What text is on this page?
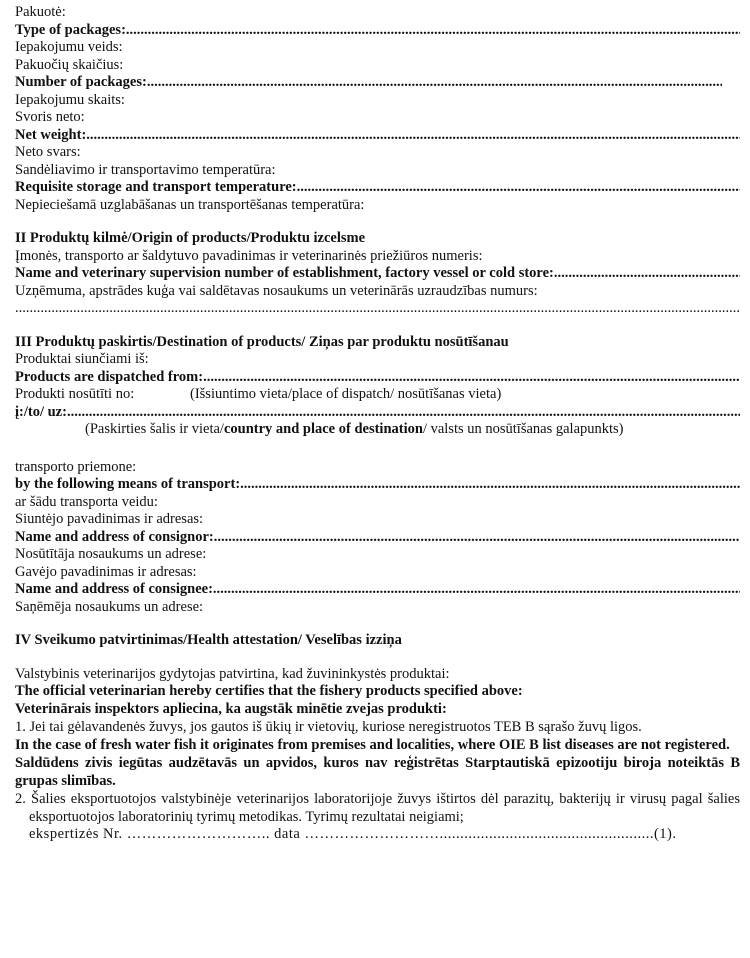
Pakuotė:
Type of packages:
.....
Iepakojumu veids:
Pakuočių skaičius:
Number of packages:
.....
Iepakojumu skaits:
Svoris neto:
Net weight:
.....
Neto svars:
Sandėliavimo ir transportavimo temperatūra:
Requisite storage and transport temperature:
.....
Nepieciešamā uzglabāšanas un transportēšanas temperatūra:
II Produktų kilmė/Origin of products/Produktu izcelsme
Įmonės, transporto ar šaldytuvo pavadinimas ir veterinarinės priežiūros numeris:
Name and veterinary supervision number of establishment, factory vessel or cold store:
.....
Uzņēmuma, apstrādes kuģa vai saldētavas nosaukums un veterinārās uzraudzības numurs:
.....
III Produktų paskirtis/Destination of products/ Ziņas par produktu nosūtīšanau
Produktai siunčiami iš:
Products are dispatched from:
.....
Produkti nosūtīti no:	(Išsiuntimo vieta/place of dispatch/ nosūtīšanas vieta)
į:/to/ uz:
.....
(Paskirties šalis ir vieta/ country and place of destination / valsts un nosūtīšanas galapunkts)
transporto priemone:
by the following means of transport:
.....
ar šādu transporta veidu:
Siuntėjo pavadinimas ir adresas:
Name and address of consignor:
.....
Nosūtītāja nosaukums un adrese:
Gavėjo pavadinimas ir adresas:
Name and address of consignee:
.....
Saņēmēja nosaukums un adrese:
IV Sveikumo patvirtinimas/Health attestation/ Veselības izziņa
Valstybinis veterinarijos gydytojas patvirtina, kad žuvininkystės produktai:
The official veterinarian hereby certifies that the fishery products specified above:
Veterinārais inspektors apliecina, ka augstāk minētie zvejas produkti:
1. Jei tai gėlavandenės žuvys, jos gautos iš ūkių ir vietovių, kuriose neregistruotos TEB B sąrašo žuvų ligos.
In the case of fresh water fish it originates from premises and localities, where OIE B list diseases are not registered.
Saldūdens zivis iegūtas audzētavās un apvidos, kuros nav reģistrētas Starptautiskā epizootiju biroja noteiktās B grupas slimības.
2. Šalies eksportuotojos valstybinėje veterinarijos laboratorijoje žuvys ištirtos dėl parazitų, bakterijų ir virusų pagal šalies eksportuotojos laboratorinių tyrimų metodikas. Tyrimų rezultatai neigiami;
ekspertizės Nr. ……………………….. data ………………………....................................................(1).
